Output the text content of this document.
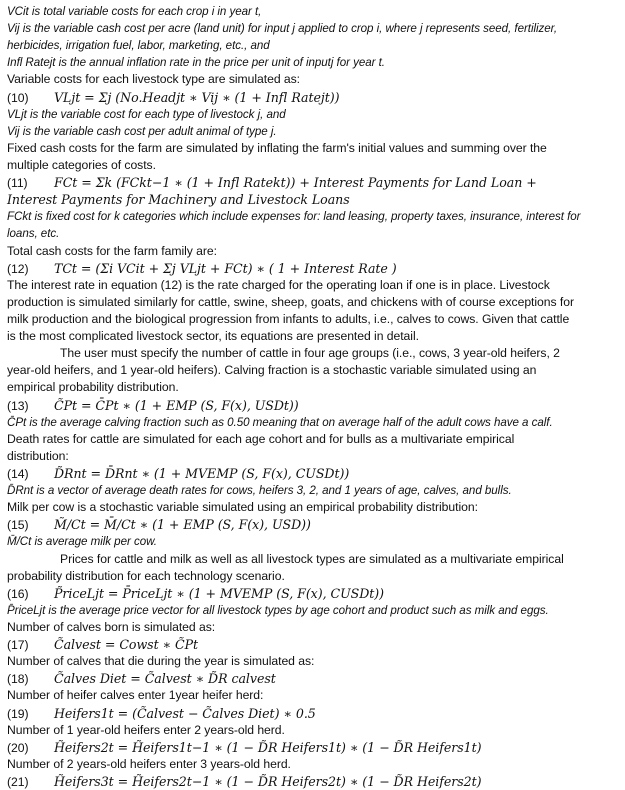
VCit is total variable costs for each crop i in year t,
Vij is the variable cash cost per acre (land unit) for input j applied to crop i, where j represents seed, fertilizer,
herbicides, irrigation fuel, labor, marketing, etc., and
Infl Ratejt is the annual inflation rate in the price per unit of inputj for year t.
Variable costs for each livestock type are simulated as:
(10) VLjt = Σj (No.Headjt ∗ Vij ∗ (1 + Infl Ratejt))
VLjt is the variable cost for each type of livestock j, and
Vij is the variable cash cost per adult animal of type j.
Fixed cash costs for the farm are simulated by inflating the farm's initial values and summing over the
multiple categories of costs.
(11) FCt = Σk (FCkt−1 ∗ (1 + Infl Ratekt)) + Interest Payments for Land Loan +
Interest Payments for Machinery and Livestock Loans
FCkt is fixed cost for k categories which include expenses for: land leasing, property taxes, insurance, interest for
loans, etc.
Total cash costs for the farm family are:
(12) TCt = (Σi VCit + Σj VLjt + FCt) ∗ ( 1 + Interest Rate )
The interest rate in equation (12) is the rate charged for the operating loan if one is in place. Livestock
production is simulated similarly for cattle, swine, sheep, goats, and chickens with of course exceptions for
milk production and the biological progression from infants to adults, i.e., calves to cows. Given that cattle
is the most complicated livestock sector, its equations are presented in detail.
The user must specify the number of cattle in four age groups (i.e., cows, 3 year-old heifers, 2
year-old heifers, and 1 year-old heifers). Calving fraction is a stochastic variable simulated using an
empirical probability distribution.
(13) C̃Pt = C̄Pt ∗ (1 + EMP (S, F(x), USDt))
C̄Pt is the average calving fraction such as 0.50 meaning that on average half of the adult cows have a calf.
Death rates for cattle are simulated for each age cohort and for bulls as a multivariate empirical
distribution:
(14) D̃Rnt = D̄Rnt ∗ (1 + MVEMP (S, F(x), CUSDt))
D̄Rnt is a vector of average death rates for cows, heifers 3, 2, and 1 years of age, calves, and bulls.
Milk per cow is a stochastic variable simulated using an empirical probability distribution:
(15) M̃/Ct = M̄/Ct ∗ (1 + EMP (S, F(x), USD))
M̄/Ct is average milk per cow.
Prices for cattle and milk as well as all livestock types are simulated as a multivariate empirical
probability distribution for each technology scenario.
(16) P̃riceLjt = P̄riceLjt ∗ (1 + MVEMP (S, F(x), CUSDt))
P̄riceLjt is the average price vector for all livestock types by age cohort and product such as milk and eggs.
Number of calves born is simulated as:
(17) C̃alvest = Cowst ∗ C̃Pt
Number of calves that die during the year is simulated as:
(18) C̃alves Diet = C̃alvest ∗ D̃R calvest
Number of heifer calves enter 1year heifer herd:
(19) Heifers1t = (C̃alvest − C̃alves Diet) ∗ 0.5
Number of 1 year-old heifers enter 2 years-old herd.
(20) H̃eifers2t = H̃eifers1t−1 ∗ (1 − D̃R Heifers1t) ∗ (1 − D̃R Heifers1t)
Number of 2 years-old heifers enter 3 years-old herd.
(21) H̃eifers3t = H̃eifers2t−1 ∗ (1 − D̃R Heifers2t) ∗ (1 − D̃R Heifers2t)
